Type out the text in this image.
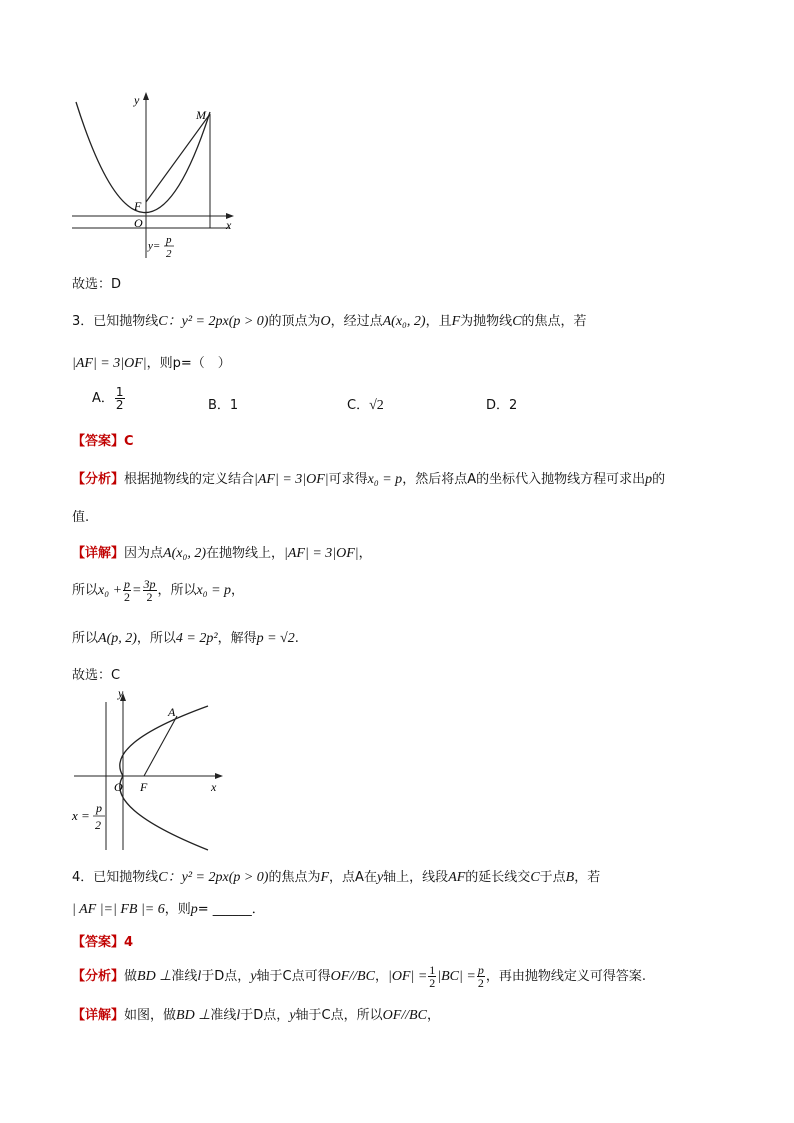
y
x
M
F
O
y= p
2
故选：D
3．已知抛物线C：y² = 2px(p > 0)的顶点为O，经过点A(x₀, 2)，且F为抛物线C的焦点，若
|AF| = 3|OF|，则p=（　）
A． $\frac{1}{2}$	B．1	C．√2	D．2
【答案】C
【分析】根据抛物线的定义结合|AF| = 3|OF|可求得x₀ = p，然后将点A的坐标代入抛物线方程可求出p的
值.
【详解】因为点A(x₀, 2)在抛物线上，|AF| = 3|OF|，
所以$x_0 + \frac{p}{2} = \frac{3p}{2}$ ，所以x₀ = p，
所以A(p, 2)，所以4 = 2p²，解得p = √2.
故选：C
y
x
A
F
O
x = p
2
4．已知抛物线C：y² = 2px(p > 0)的焦点为F，点A在y轴上，线段AF的延长线交C于点B，若
| AF |=| FB |= 6，则p= ______．
【答案】4
【分析】做BD ⊥准线l于D点，y轴于C点可得OF//BC，$|OF| = \frac{1}{2} |BC| = \frac{p}{2}$ ，再由抛物线定义可得答案.
【详解】如图，做BD ⊥准线l于D点，y轴于C点，所以OF//BC，
